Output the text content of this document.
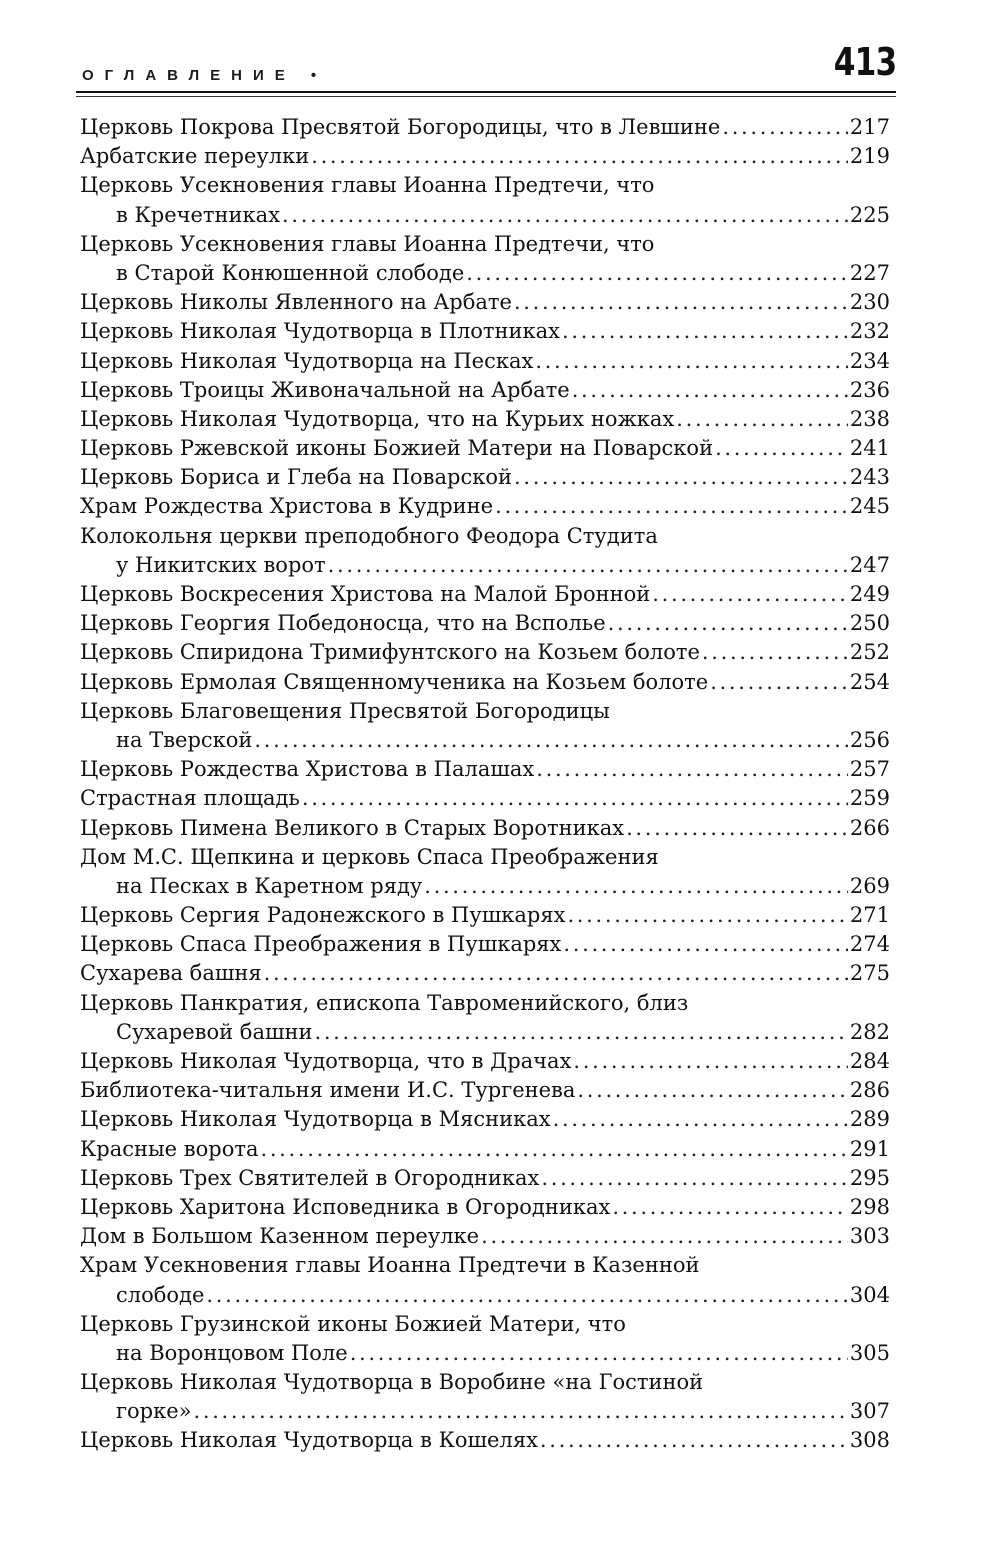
ОГЛАВЛЕНИЕ •	413
Церковь Покрова Пресвятой Богородицы, что в Левшине . . .	217
Арбатские переулки . . .	219
Церковь Усекновения главы Иоанна Предтечи, что
в Кречетниках . . .	225
Церковь Усекновения главы Иоанна Предтечи, что
в Старой Конюшенной слободе . . .	227
Церковь Николы Явленного на Арбате . . .	230
Церковь Николая Чудотворца в Плотниках . . .	232
Церковь Николая Чудотворца на Песках . . .	234
Церковь Троицы Живоначальной на Арбате . . .	236
Церковь Николая Чудотворца, что на Курьих ножках . . .	238
Церковь Ржевской иконы Божией Матери на Поварской . . .	241
Церковь Бориса и Глеба на Поварской . . .	243
Храм Рождества Христова в Кудрине . . .	245
Колокольня церкви преподобного Феодора Студита
у Никитских ворот . . .	247
Церковь Воскресения Христова на Малой Бронной . . .	249
Церковь Георгия Победоносца, что на Всполье . . .	250
Церковь Спиридона Тримифунтского на Козьем болоте . . .	252
Церковь Ермолая Священномученика на Козьем болоте . . .	254
Церковь Благовещения Пресвятой Богородицы
на Тверской . . .	256
Церковь Рождества Христова в Палашах . . .	257
Страстная площадь . . .	259
Церковь Пимена Великого в Старых Воротниках . . .	266
Дом М.С. Щепкина и церковь Спаса Преображения
на Песках в Каретном ряду . . .	269
Церковь Сергия Радонежского в Пушкарях . . .	271
Церковь Спаса Преображения в Пушкарях . . .	274
Сухарева башня . . .	275
Церковь Панкратия, епископа Тавроменийского, близ
Сухаревой башни . . .	282
Церковь Николая Чудотворца, что в Драчах . . .	284
Библиотека-читальня имени И.С. Тургенева . . .	286
Церковь Николая Чудотворца в Мясниках . . .	289
Красные ворота . . .	291
Церковь Трех Святителей в Огородниках . . .	295
Церковь Харитона Исповедника в Огородниках . . .	298
Дом в Большом Казенном переулке . . .	303
Храм Усекновения главы Иоанна Предтечи в Казенной
слободе . . .	304
Церковь Грузинской иконы Божией Матери, что
на Воронцовом Поле . . .	305
Церковь Николая Чудотворца в Воробине «на Гостиной
горке» . . .	307
Церковь Николая Чудотворца в Кошелях . . .	308
